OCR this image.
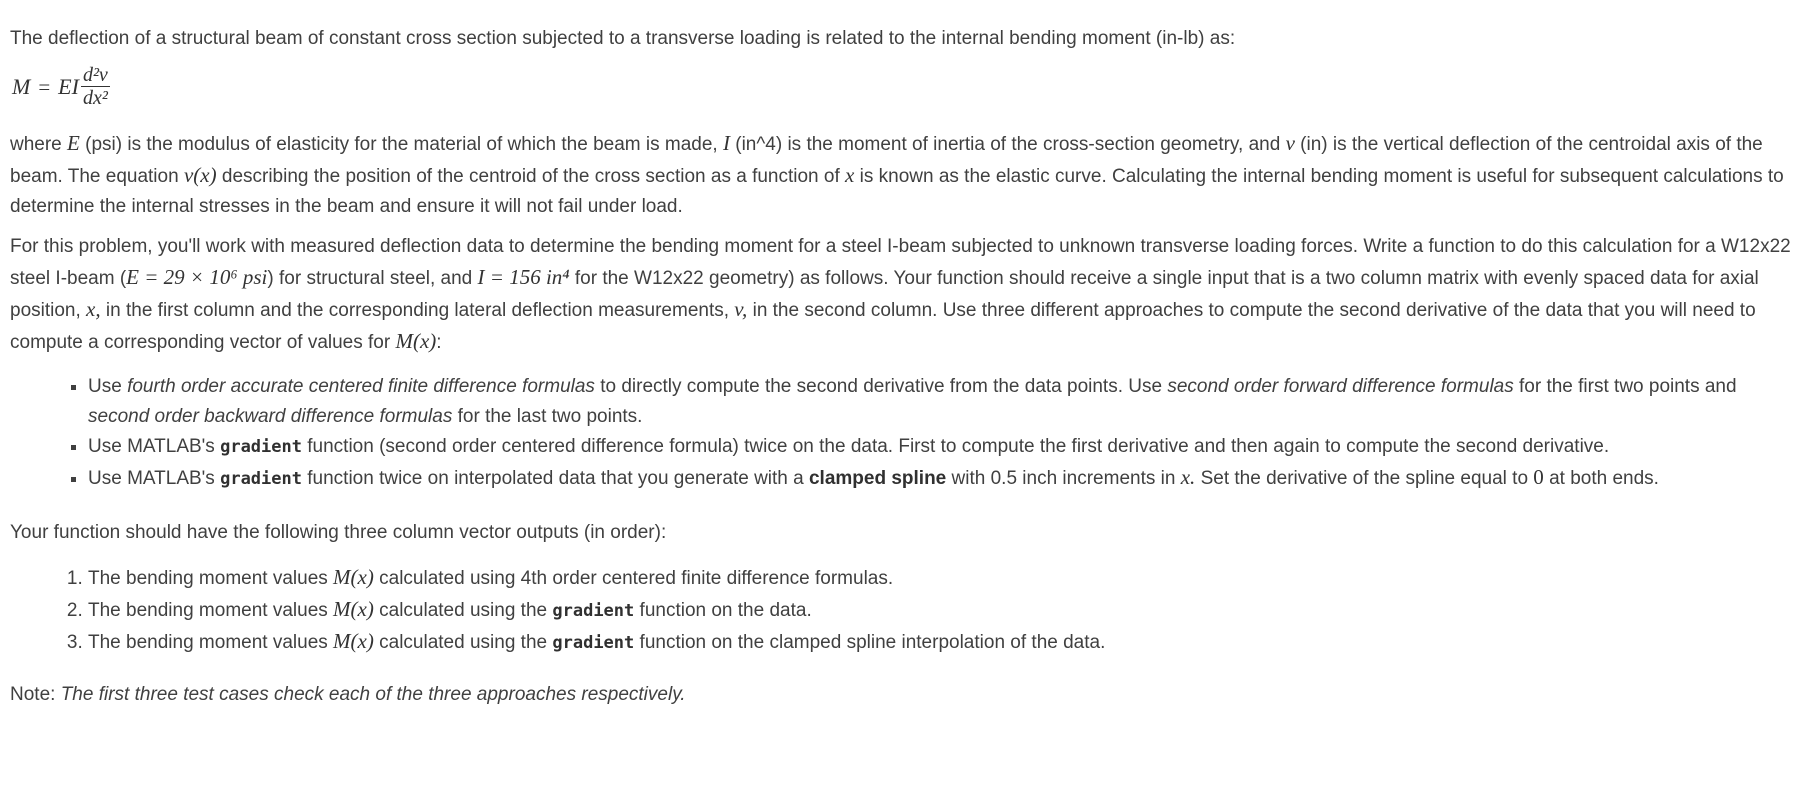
The deflection of a structural beam of constant cross section subjected to a transverse loading is related to the internal bending moment (in-lb) as:

M = EI $\frac{\text{d²v}}{\text{dx²}}$

where E (psi) is the modulus of elasticity for the material of which the beam is made, I (in^4) is the moment of inertia of the cross-section geometry, and v (in) is the vertical deflection of the centroidal axis of the beam. The equation v(x) describing the position of the centroid of the cross section as a function of x is known as the elastic curve. Calculating the internal bending moment is useful for subsequent calculations to determine the internal stresses in the beam and ensure it will not fail under load.

For this problem, you'll work with measured deflection data to determine the bending moment for a steel I-beam subjected to unknown transverse loading forces. Write a function to do this calculation for a W12x22 steel I-beam (E = 29 × 10⁶ psi) for structural steel, and I = 156 in⁴ for the W12x22 geometry) as follows. Your function should receive a single input that is a two column matrix with evenly spaced data for axial position, x, in the first column and the corresponding lateral deflection measurements, v, in the second column. Use three different approaches to compute the second derivative of the data that you will need to compute a corresponding vector of values for M(x):

▪ Use fourth order accurate centered finite difference formulas to directly compute the second derivative from the data points. Use second order forward difference formulas for the first two points and second order backward difference formulas for the last two points.
▪ Use MATLAB's gradient function (second order centered difference formula) twice on the data. First to compute the first derivative and then again to compute the second derivative.
▪ Use MATLAB's gradient function twice on interpolated data that you generate with a clamped spline with 0.5 inch increments in x. Set the derivative of the spline equal to 0 at both ends.

Your function should have the following three column vector outputs (in order):

1. The bending moment values M(x) calculated using 4th order centered finite difference formulas.
2. The bending moment values M(x) calculated using the gradient function on the data.
3. The bending moment values M(x) calculated using the gradient function on the clamped spline interpolation of the data.

Note: The first three test cases check each of the three approaches respectively.
